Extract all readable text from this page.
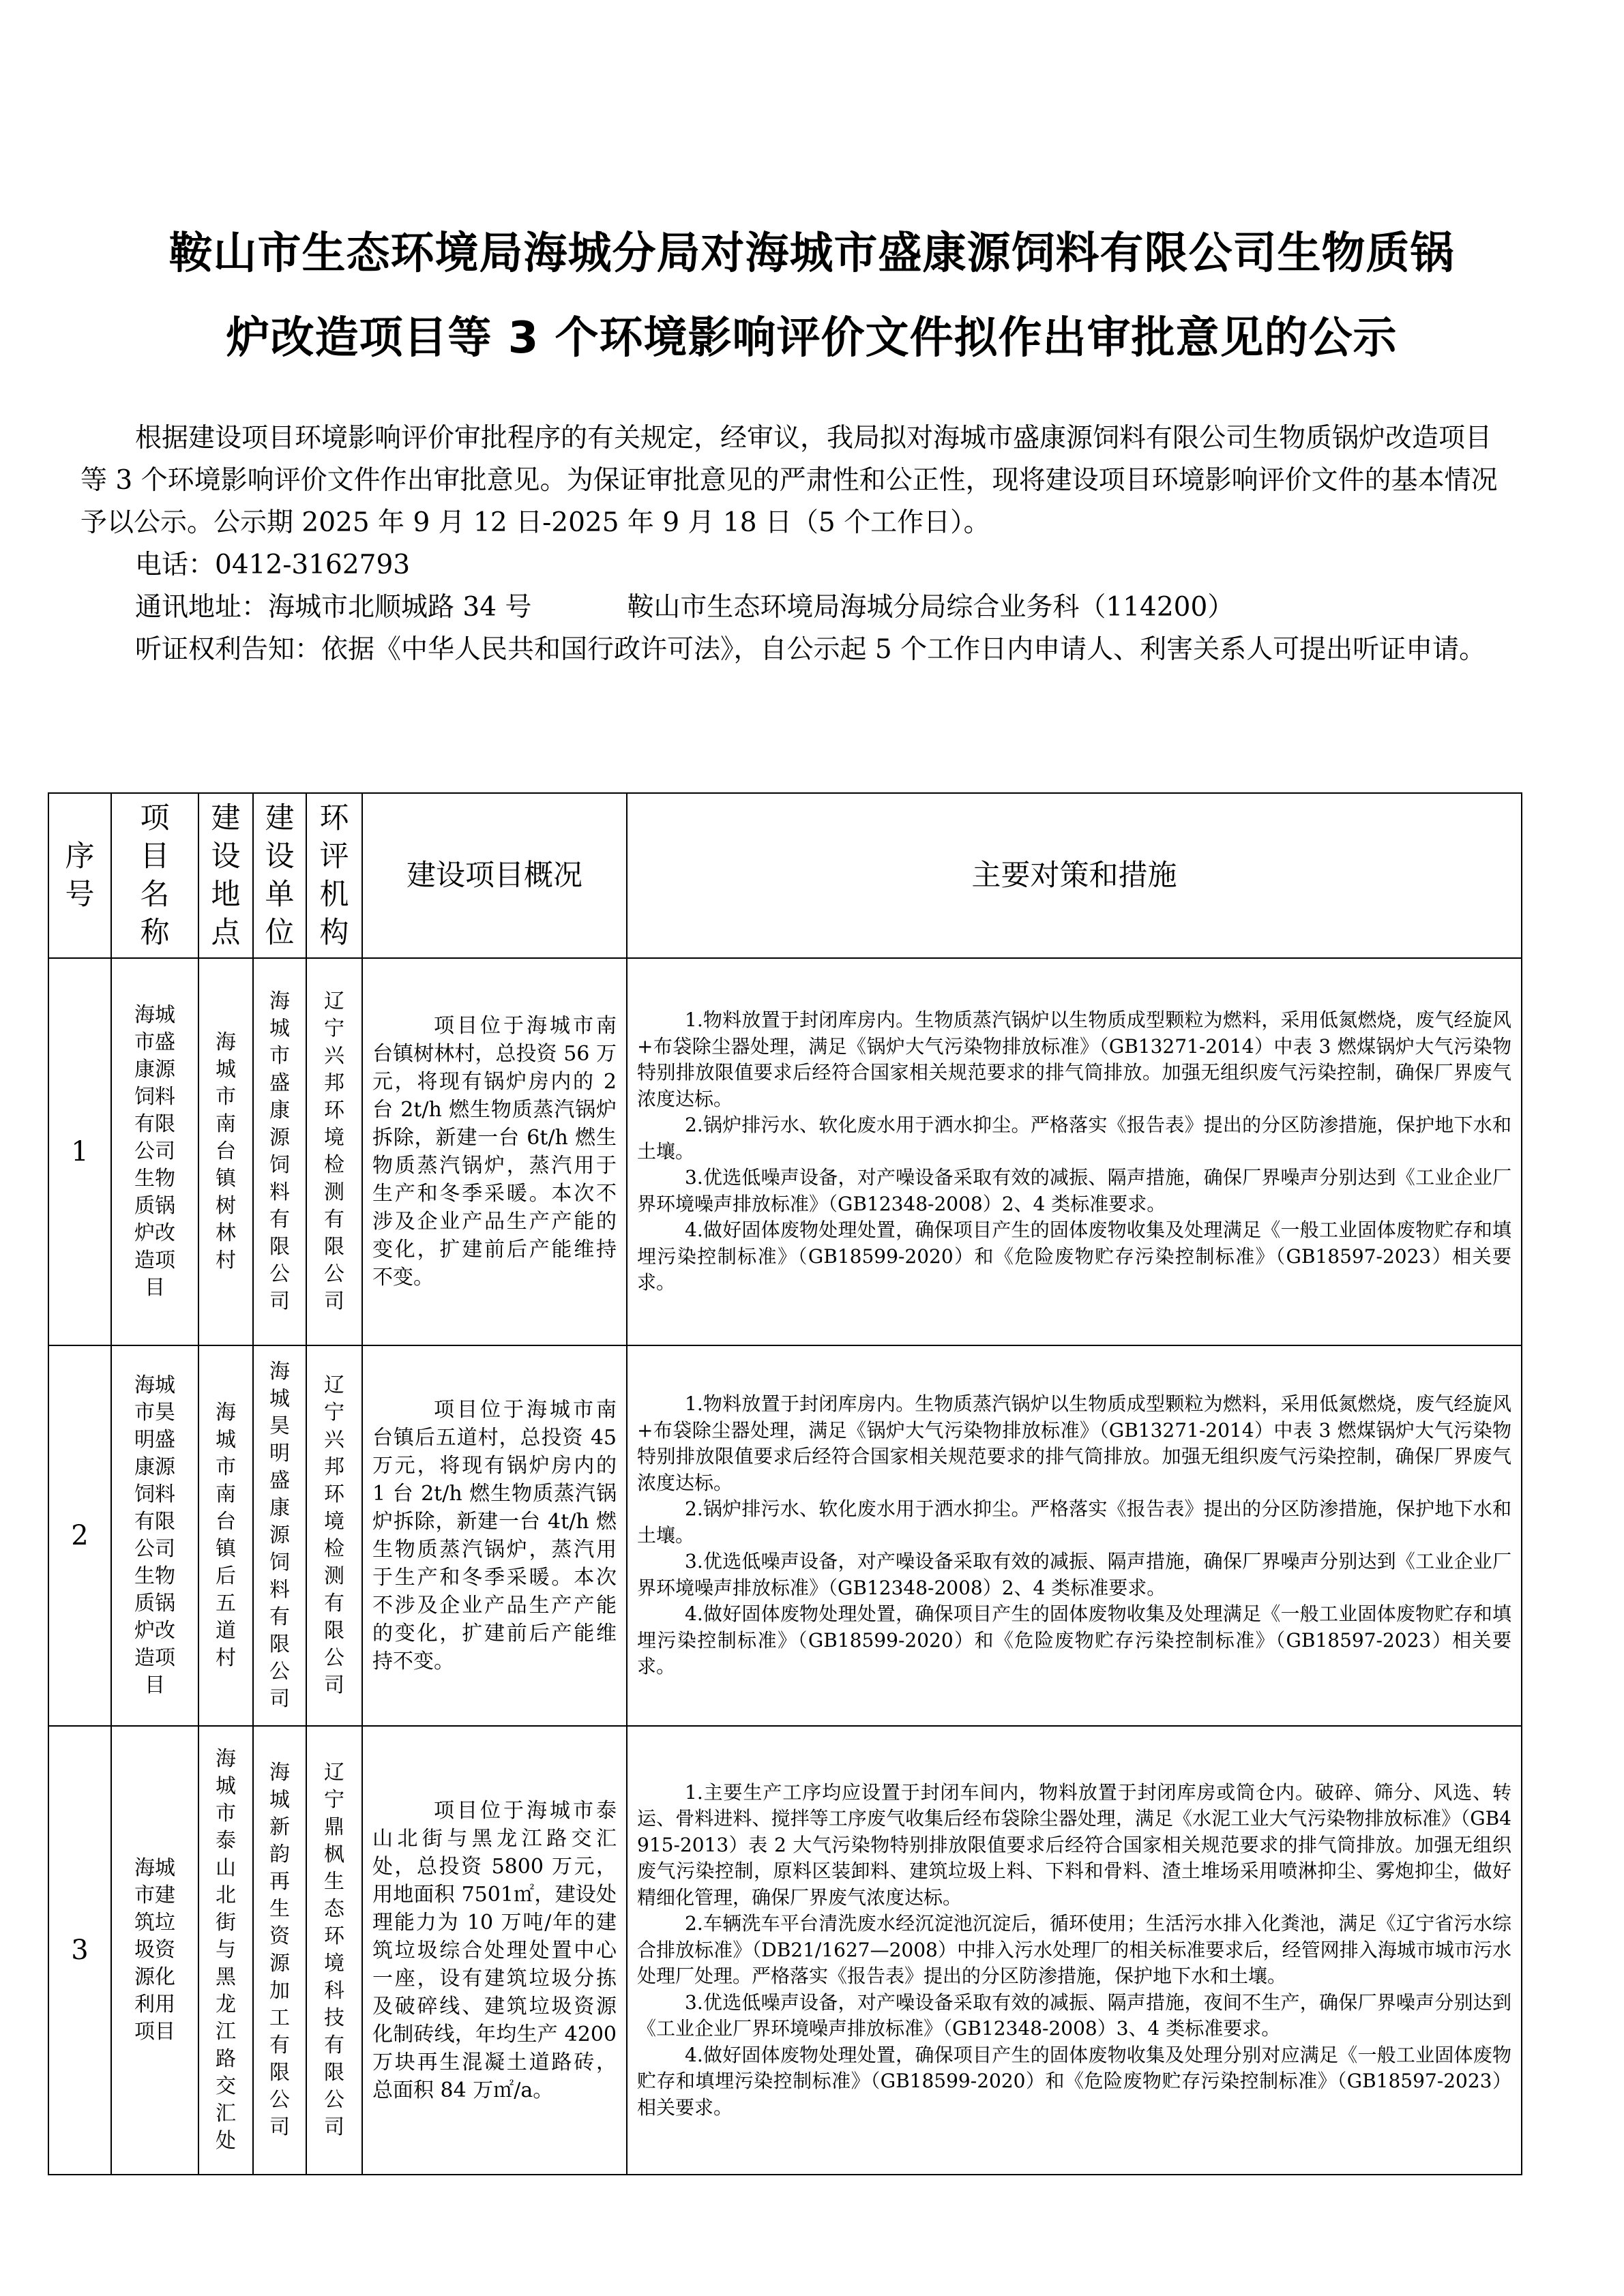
鞍山市生态环境局海城分局对海城市盛康源饲料有限公司生物质锅
炉改造项目等 3 个环境影响评价文件拟作出审批意见的公示

根据建设项目环境影响评价审批程序的有关规定，经审议，我局拟对海城市盛康源饲料有限公司生物质锅炉改造项目等 3 个环境影响评价文件作出审批意见。为保证审批意见的严肃性和公正性，现将建设项目环境影响评价文件的基本情况予以公示。公示期 2025 年 9 月 12 日-2025 年 9 月 18 日（5 个工作日）。

电话：0412-3162793

通讯地址：海城市北顺城路 34 号	鞍山市生态环境局海城分局综合业务科（114200）

听证权利告知：依据《中华人民共和国行政许可法》，自公示起 5 个工作日内申请人、利害关系人可提出听证申请。

序号	项目名称	建设地点	建设单位	环评机构	建设项目概况	主要对策和措施
1	海城市盛康源饲料有限公司生物质锅炉改造项目	海城市南台镇树林村	海城市盛康源饲料有限公司	辽宁兴邦环境检测有限公司	项目位于海城市南台镇树林村，总投资 56 万元，将现有锅炉房内的 2 台 2t/h 燃生物质蒸汽锅炉拆除，新建一台 6t/h 燃生物质蒸汽锅炉，蒸汽用于生产和冬季采暖。本次不涉及企业产品生产产能的变化，扩建前后产能维持不变。	1.物料放置于封闭库房内。生物质蒸汽锅炉以生物质成型颗粒为燃料，采用低氮燃烧，废气经旋风+布袋除尘器处理，满足《锅炉大气污染物排放标准》（GB13271-2014）中表 3 燃煤锅炉大气污染物特别排放限值要求后经符合国家相关规范要求的排气筒排放。加强无组织废气污染控制，确保厂界废气浓度达标。

2.锅炉排污水、软化废水用于洒水抑尘。严格落实《报告表》提出的分区防渗措施，保护地下水和土壤。

3.优选低噪声设备，对产噪设备采取有效的减振、隔声措施，确保厂界噪声分别达到《工业企业厂界环境噪声排放标准》（GB12348-2008）2、4 类标准要求。

4.做好固体废物处理处置，确保项目产生的固体废物收集及处理满足《一般工业固体废物贮存和填埋污染控制标准》（GB18599-2020）和《危险废物贮存污染控制标准》（GB18597-2023）相关要求。

2	海城市昊明盛康源饲料有限公司生物质锅炉改造项目	海城市南台镇后五道村	海城昊明盛康源饲料有限公司	辽宁兴邦环境检测有限公司	项目位于海城市南台镇后五道村，总投资 45 万元，将现有锅炉房内的 1 台 2t/h 燃生物质蒸汽锅炉拆除，新建一台 4t/h 燃生物质蒸汽锅炉，蒸汽用于生产和冬季采暖。本次不涉及企业产品生产产能的变化，扩建前后产能维持不变。	1.物料放置于封闭库房内。生物质蒸汽锅炉以生物质成型颗粒为燃料，采用低氮燃烧，废气经旋风+布袋除尘器处理，满足《锅炉大气污染物排放标准》（GB13271-2014）中表 3 燃煤锅炉大气污染物特别排放限值要求后经符合国家相关规范要求的排气筒排放。加强无组织废气污染控制，确保厂界废气浓度达标。

2.锅炉排污水、软化废水用于洒水抑尘。严格落实《报告表》提出的分区防渗措施，保护地下水和土壤。

3.优选低噪声设备，对产噪设备采取有效的减振、隔声措施，确保厂界噪声分别达到《工业企业厂界环境噪声排放标准》（GB12348-2008）2、4 类标准要求。

4.做好固体废物处理处置，确保项目产生的固体废物收集及处理满足《一般工业固体废物贮存和填埋污染控制标准》（GB18599-2020）和《危险废物贮存污染控制标准》（GB18597-2023）相关要求。

3	海城市建筑垃圾资源化利用项目	海城市泰山北街与黑龙江路交汇处	海城新韵再生资源加工有限公司	辽宁鼎枫生态环境科技有限公司	项目位于海城市泰山北街与黑龙江路交汇处，总投资 5800 万元，用地面积 7501㎡，建设处理能力为 10 万吨/年的建筑垃圾综合处理处置中心一座，设有建筑垃圾分拣及破碎线、建筑垃圾资源化制砖线，年均生产 4200 万块再生混凝土道路砖，总面积 84 万㎡/a。	1.主要生产工序均应设置于封闭车间内，物料放置于封闭库房或筒仓内。破碎、筛分、风选、转运、骨料进料、搅拌等工序废气收集后经布袋除尘器处理，满足《水泥工业大气污染物排放标准》（GB4915-2013）表 2 大气污染物特别排放限值要求后经符合国家相关规范要求的排气筒排放。加强无组织废气污染控制，原料区装卸料、建筑垃圾上料、下料和骨料、渣土堆场采用喷淋抑尘、雾炮抑尘，做好精细化管理，确保厂界废气浓度达标。

2.车辆洗车平台清洗废水经沉淀池沉淀后，循环使用；生活污水排入化粪池，满足《辽宁省污水综合排放标准》（DB21/1627—2008）中排入污水处理厂的相关标准要求后，经管网排入海城市城市污水处理厂处理。严格落实《报告表》提出的分区防渗措施，保护地下水和土壤。

3.优选低噪声设备，对产噪设备采取有效的减振、隔声措施，夜间不生产，确保厂界噪声分别达到《工业企业厂界环境噪声排放标准》（GB12348-2008）3、4 类标准要求。

4.做好固体废物处理处置，确保项目产生的固体废物收集及处理分别对应满足《一般工业固体废物贮存和填埋污染控制标准》（GB18599-2020）和《危险废物贮存污染控制标准》（GB18597-2023）相关要求。
